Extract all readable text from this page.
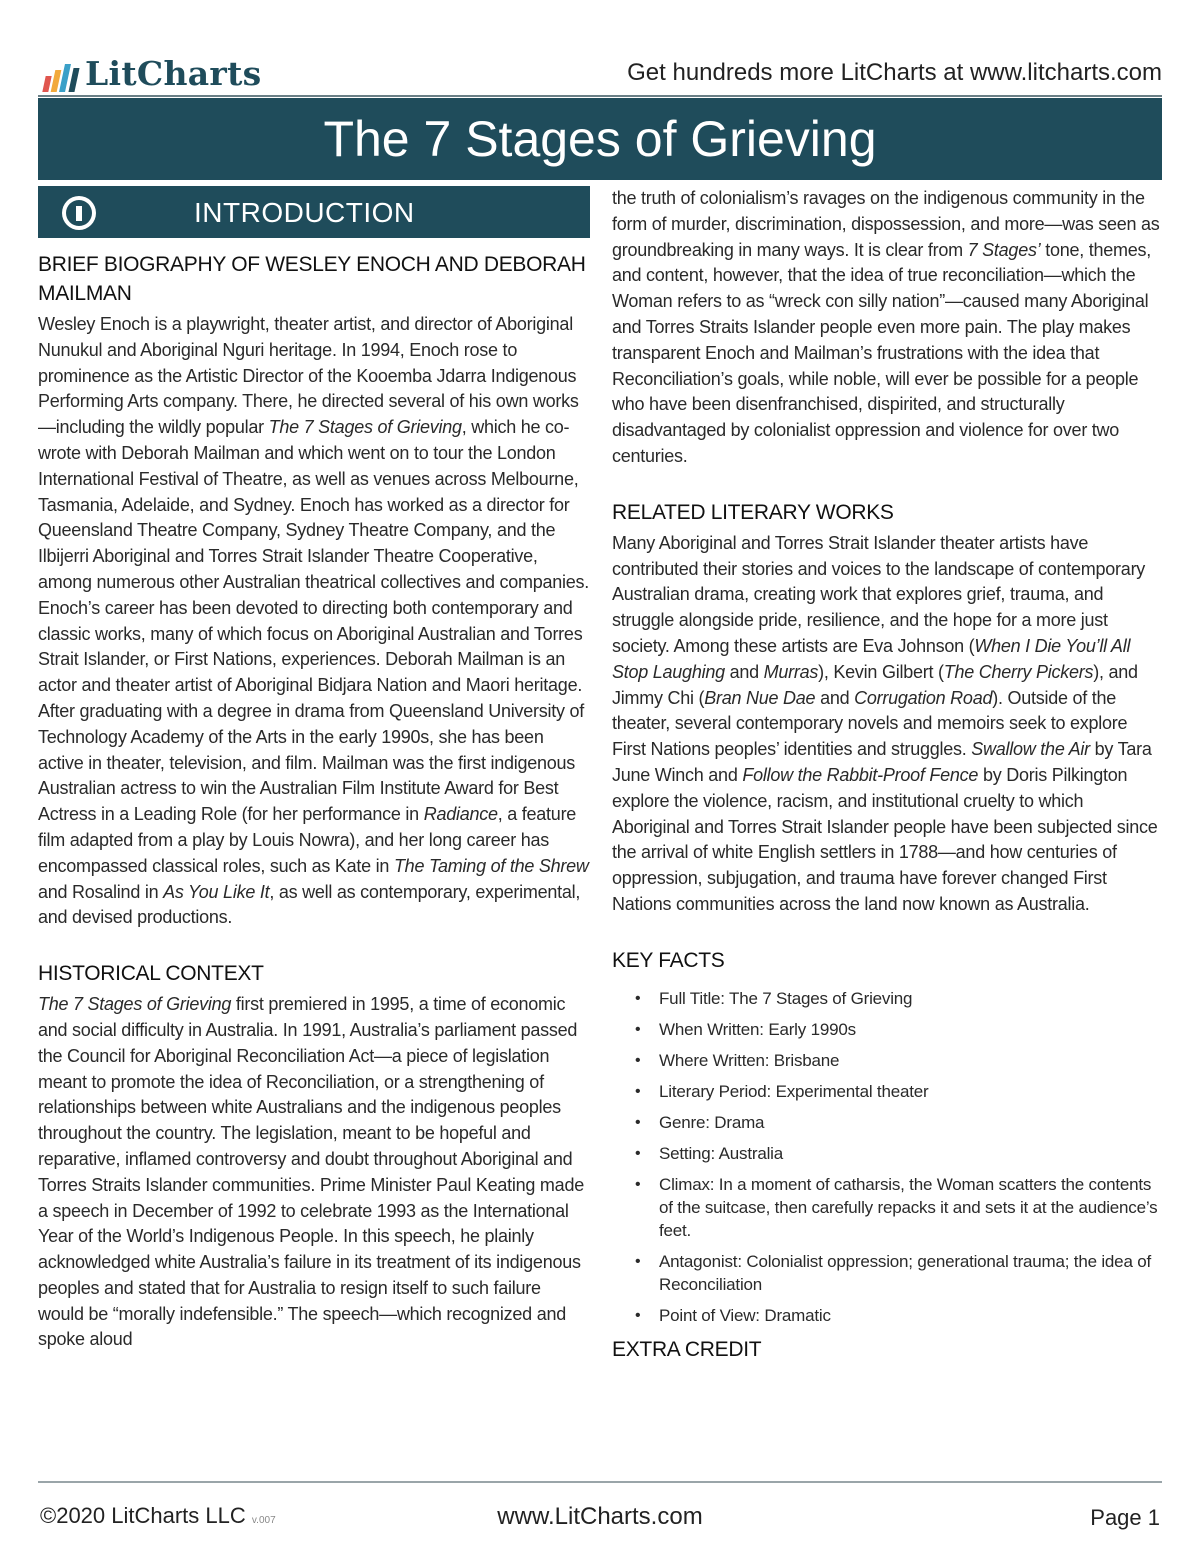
LitCharts	Get hundreds more LitCharts at www.litcharts.com
The 7 Stages of Grieving
INTRODUCTION
BRIEF BIOGRAPHY OF WESLEY ENOCH AND DEBORAH MAILMAN

Wesley Enoch is a playwright, theater artist, and director of Aboriginal Nunukul and Aboriginal Nguri heritage. In 1994, Enoch rose to prominence as the Artistic Director of the Kooemba Jdarra Indigenous Performing Arts company. There, he directed several of his own works—including the wildly popular The 7 Stages of Grieving, which he co-wrote with Deborah Mailman and which went on to tour the London International Festival of Theatre, as well as venues across Melbourne, Tasmania, Adelaide, and Sydney. Enoch has worked as a director for Queensland Theatre Company, Sydney Theatre Company, and the Ilbijerri Aboriginal and Torres Strait Islander Theatre Cooperative, among numerous other Australian theatrical collectives and companies. Enoch’s career has been devoted to directing both contemporary and classic works, many of which focus on Aboriginal Australian and Torres Strait Islander, or First Nations, experiences. Deborah Mailman is an actor and theater artist of Aboriginal Bidjara Nation and Maori heritage. After graduating with a degree in drama from Queensland University of Technology Academy of the Arts in the early 1990s, she has been active in theater, television, and film. Mailman was the first indigenous Australian actress to win the Australian Film Institute Award for Best Actress in a Leading Role (for her performance in Radiance, a feature film adapted from a play by Louis Nowra), and her long career has encompassed classical roles, such as Kate in The Taming of the Shrew and Rosalind in As You Like It, as well as contemporary, experimental, and devised productions.

HISTORICAL CONTEXT

The 7 Stages of Grieving first premiered in 1995, a time of economic and social difficulty in Australia. In 1991, Australia’s parliament passed the Council for Aboriginal Reconciliation Act—a piece of legislation meant to promote the idea of Reconciliation, or a strengthening of relationships between white Australians and the indigenous peoples throughout the country. The legislation, meant to be hopeful and reparative, inflamed controversy and doubt throughout Aboriginal and Torres Straits Islander communities. Prime Minister Paul Keating made a speech in December of 1992 to celebrate 1993 as the International Year of the World’s Indigenous People. In this speech, he plainly acknowledged white Australia’s failure in its treatment of its indigenous peoples and stated that for Australia to resign itself to such failure would be “morally indefensible.” The speech—which recognized and spoke aloud

the truth of colonialism’s ravages on the indigenous community in the form of murder, discrimination, dispossession, and more—was seen as groundbreaking in many ways. It is clear from 7 Stages’ tone, themes, and content, however, that the idea of true reconciliation—which the Woman refers to as “wreck con silly nation”—caused many Aboriginal and Torres Straits Islander people even more pain. The play makes transparent Enoch and Mailman’s frustrations with the idea that Reconciliation’s goals, while noble, will ever be possible for a people who have been disenfranchised, dispirited, and structurally disadvantaged by colonialist oppression and violence for over two centuries.

RELATED LITERARY WORKS

Many Aboriginal and Torres Strait Islander theater artists have contributed their stories and voices to the landscape of contemporary Australian drama, creating work that explores grief, trauma, and struggle alongside pride, resilience, and the hope for a more just society. Among these artists are Eva Johnson (When I Die You’ll All Stop Laughing and Murras), Kevin Gilbert (The Cherry Pickers), and Jimmy Chi (Bran Nue Dae and Corrugation Road). Outside of the theater, several contemporary novels and memoirs seek to explore First Nations peoples’ identities and struggles. Swallow the Air by Tara June Winch and Follow the Rabbit-Proof Fence by Doris Pilkington explore the violence, racism, and institutional cruelty to which Aboriginal and Torres Strait Islander people have been subjected since the arrival of white English settlers in 1788—and how centuries of oppression, subjugation, and trauma have forever changed First Nations communities across the land now known as Australia.

KEY FACTS
• Full Title: The 7 Stages of Grieving
• When Written: Early 1990s
• Where Written: Brisbane
• Literary Period: Experimental theater
• Genre: Drama
• Setting: Australia
• Climax: In a moment of catharsis, the Woman scatters the contents of the suitcase, then carefully repacks it and sets it at the audience’s feet.
• Antagonist: Colonialist oppression; generational trauma; the idea of Reconciliation
• Point of View: Dramatic
EXTRA CREDIT
©2020 LitCharts LLC v.007	www.LitCharts.com	Page 1
